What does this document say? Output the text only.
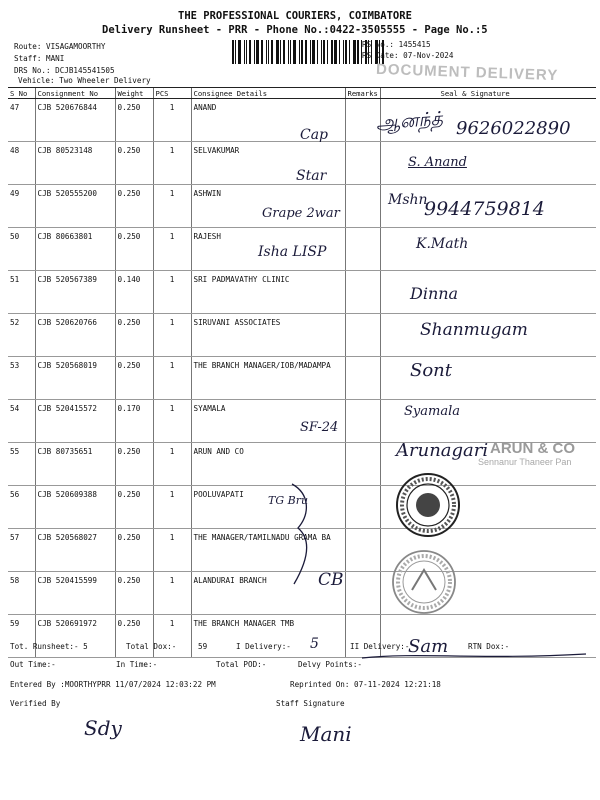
THE PROFESSIONAL COURIERS, COIMBATORE
Delivery Runsheet - PRR - Phone No.:0422-3505555 - Page No.:5
Route: VISAGAMOORTHY
Staff: MANI
DRS No.: DCJB145541505
Vehicle: Two Wheeler Delivery
RS No.: 1455415
RS Date: 07-Nov-2024
DOCUMENT DELIVERY
S No	Consignment No	Weight	PCS	Consignee Details	Remarks	Seal & Signature
47	CJB 520676844	0.250	1	ANAND		
48	CJB 80523148	0.250	1	SELVAKUMAR		
49	CJB 520555200	0.250	1	ASHWIN		
50	CJB 80663801	0.250	1	RAJESH		
51	CJB 520567389	0.140	1	SRI PADMAVATHY CLINIC		
52	CJB 520620766	0.250	1	SIRUVANI ASSOCIATES		
53	CJB 520568019	0.250	1	THE BRANCH MANAGER/IOB/MADAMPA		
54	CJB 520415572	0.170	1	SYAMALA		
55	CJB 80735651	0.250	1	ARUN AND CO		
56	CJB 520609388	0.250	1	POOLUVAPATI		
57	CJB 520568027	0.250	1	THE MANAGER/TAMILNADU GRAMA BA		
58	CJB 520415599	0.250	1	ALANDURAI BRANCH		
59	CJB 520691972	0.250	1	THE BRANCH MANAGER TMB		
Cap
ஆனந்த் 9626022890
Star
S. Anand
Grape 2war
Mshn
9944759814
Isha LISP	K.Math
Dinna
Shanmugam
Sont
SF-24
Syamala
Arunagari ARUN & CO
Sennanur Thaneer Pan
TG Bru
CB
Sam
Tot. Runsheet:- 5	Total Dox:-	59	I Delivery:- 5	II Delivery:-	RTN Dox:-
Out Time:-	In Time:-	Total POD:-	Delvy Points:-
Entered By :MOORTHYPRR 11/07/2024 12:03:22 PM	Reprinted On: 07-11-2024 12:21:18
Verified By	Staff Signature
Sdy	Mani
